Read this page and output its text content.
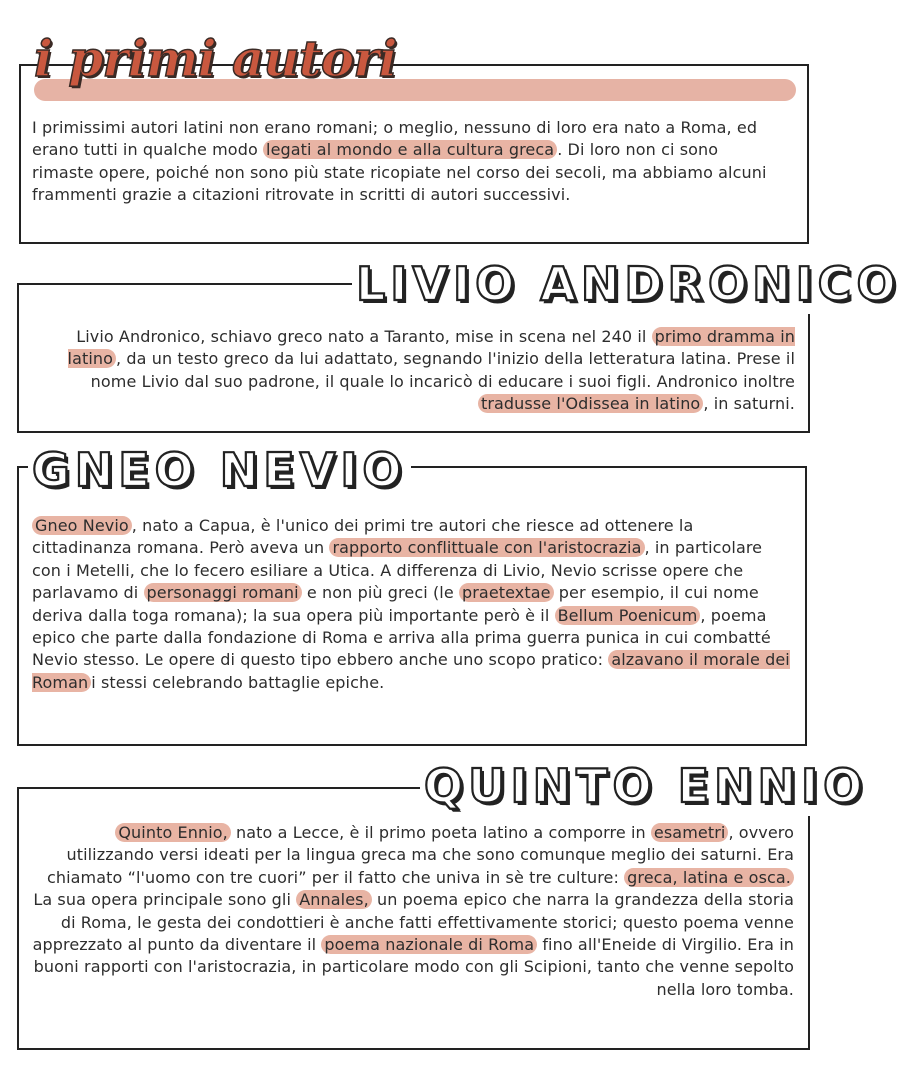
i primi autori
I primissimi autori latini non erano romani; o meglio, nessuno di loro era nato a Roma, ed erano tutti in qualche modo legati al mondo e alla cultura greca . Di loro non ci sono rimaste opere, poiché non sono più state ricopiate nel corso dei secoli, ma abbiamo alcuni frammenti grazie a citazioni ritrovate in scritti di autori successivi.
LIVIO ANDRONICO
Livio Andronico, schiavo greco nato a Taranto, mise in scena nel 240 il primo dramma in latino , da un testo greco da lui adattato, segnando l'inizio della letteratura latina. Prese il nome Livio dal suo padrone, il quale lo incaricò di educare i suoi figli. Andronico inoltre tradusse l'Odissea in latino , in saturni.
GNEO NEVIO
Gneo Nevio , nato a Capua, è l'unico dei primi tre autori che riesce ad ottenere la cittadinanza romana. Però aveva un rapporto conflittuale con l'aristocrazia , in particolare con i Metelli, che lo fecero esiliare a Utica. A differenza di Livio, Nevio scrisse opere che parlavamo di personaggi romani e non più greci (le praetextae per esempio, il cui nome deriva dalla toga romana); la sua opera più importante però è il Bellum Poenicum , poema epico che parte dalla fondazione di Roma e arriva alla prima guerra punica in cui combatté Nevio stesso. Le opere di questo tipo ebbero anche uno scopo pratico: alzavano il morale dei Roman i stessi celebrando battaglie epiche.
QUINTO ENNIO
Quinto Ennio, nato a Lecce, è il primo poeta latino a comporre in esametri , ovvero utilizzando versi ideati per la lingua greca ma che sono comunque meglio dei saturni. Era chiamato “l'uomo con tre cuori” per il fatto che univa in sè tre culture: greca, latina e osca. La sua opera principale sono gli Annales, un poema epico che narra la grandezza della storia di Roma, le gesta dei condottieri è anche fatti effettivamente storici; questo poema venne apprezzato al punto da diventare il poema nazionale di Roma fino all'Eneide di Virgilio. Era in buoni rapporti con l'aristocrazia, in particolare modo con gli Scipioni, tanto che venne sepolto nella loro tomba.
